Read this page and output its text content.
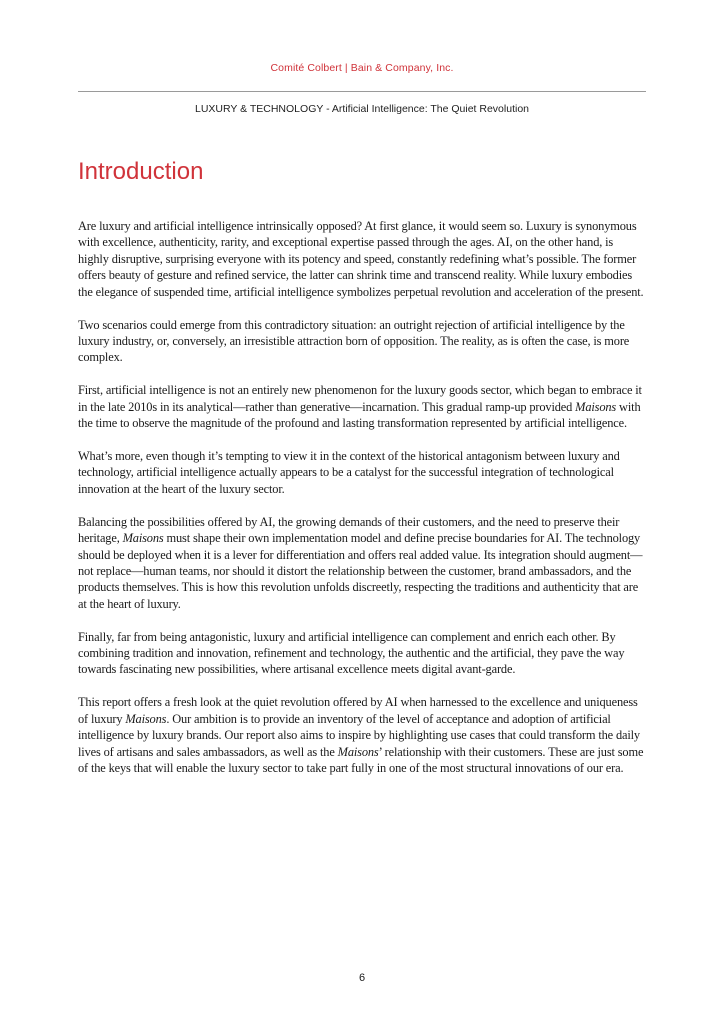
Comité Colbert | Bain & Company, Inc.
LUXURY & TECHNOLOGY - Artificial Intelligence: The Quiet Revolution
Introduction

Are luxury and artificial intelligence intrinsically opposed? At first glance, it would seem so. Luxury is synonymous with excellence, authenticity, rarity, and exceptional expertise passed through the ages. AI, on the other hand, is highly disruptive, surprising everyone with its potency and speed, constantly redefining what’s possible. The former offers beauty of gesture and refined service, the latter can shrink time and transcend reality. While luxury embodies the elegance of suspended time, artificial intelligence symbolizes perpetual revolution and acceleration of the present.

Two scenarios could emerge from this contradictory situation: an outright rejection of artificial intelligence by the luxury industry, or, conversely, an irresistible attraction born of opposition. The reality, as is often the case, is more complex.

First, artificial intelligence is not an entirely new phenomenon for the luxury goods sector, which began to embrace it in the late 2010s in its analytical—rather than generative—incarnation. This gradual ramp-up provided Maisons with the time to observe the magnitude of the profound and lasting transformation represented by artificial intelligence.

What’s more, even though it’s tempting to view it in the context of the historical antagonism between luxury and technology, artificial intelligence actually appears to be a catalyst for the successful integration of technological innovation at the heart of the luxury sector.

Balancing the possibilities offered by AI, the growing demands of their customers, and the need to preserve their heritage, Maisons must shape their own implementation model and define precise boundaries for AI. The technology should be deployed when it is a lever for differentiation and offers real added value. Its integration should augment—not replace—human teams, nor should it distort the relationship between the customer, brand ambassadors, and the products themselves. This is how this revolution unfolds discreetly, respecting the traditions and authenticity that are at the heart of luxury.

Finally, far from being antagonistic, luxury and artificial intelligence can complement and enrich each other. By combining tradition and innovation, refinement and technology, the authentic and the artificial, they pave the way towards fascinating new possibilities, where artisanal excellence meets digital avant-garde.

This report offers a fresh look at the quiet revolution offered by AI when harnessed to the excellence and uniqueness of luxury Maisons. Our ambition is to provide an inventory of the level of acceptance and adoption of artificial intelligence by luxury brands. Our report also aims to inspire by highlighting use cases that could transform the daily lives of artisans and sales ambassadors, as well as the Maisons’ relationship with their customers. These are just some of the keys that will enable the luxury sector to take part fully in one of the most structural innovations of our era.

6
